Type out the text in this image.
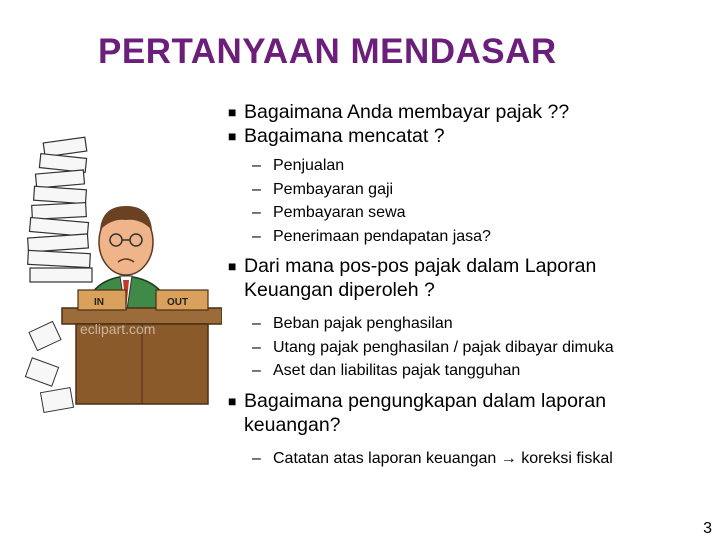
PERTANYAAN MENDASAR
IN	OUT
eclipart.com
■ Bagaimana Anda membayar pajak ??
■ Bagaimana mencatat ?
– Penjualan
– Pembayaran gaji
– Pembayaran sewa
– Penerimaan pendapatan jasa?
■ Dari mana pos-pos pajak dalam Laporan
Keuangan diperoleh ?
– Beban pajak penghasilan
– Utang pajak penghasilan / pajak dibayar dimuka
– Aset dan liabilitas pajak tangguhan
■ Bagaimana pengungkapan dalam laporan
keuangan?
– Catatan atas laporan keuangan → koreksi fiskal
3
